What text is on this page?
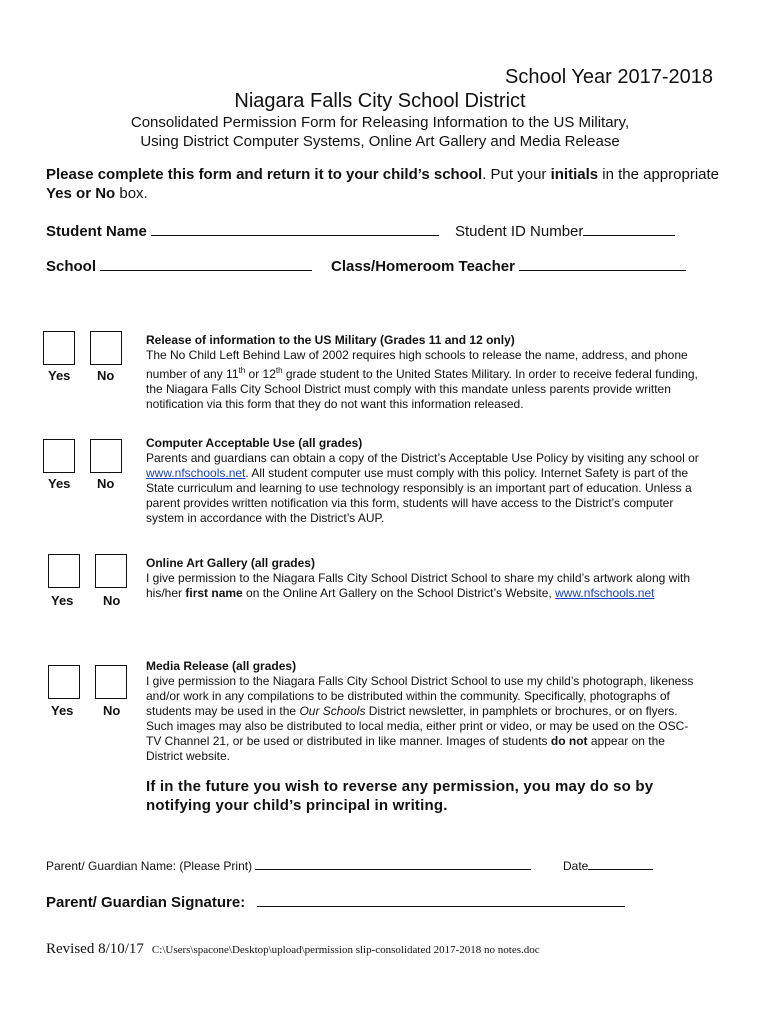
School Year 2017-2018
Niagara Falls City School District
Consolidated Permission Form for Releasing Information to the US Military,
Using District Computer Systems, Online Art Gallery and Media Release
Please complete this form and return it to your child’s school. Put your initials in the appropriate Yes or No box.
Student Name	Student ID Number
School	Class/Homeroom Teacher
Yes No
Release of information to the US Military (Grades 11 and 12 only)
The No Child Left Behind Law of 2002 requires high schools to release the name, address, and phone number of any 11th or 12th grade student to the United States Military. In order to receive federal funding, the Niagara Falls City School District must comply with this mandate unless parents provide written notification via this form that they do not want this information released.
Yes No
Computer Acceptable Use (all grades)
Parents and guardians can obtain a copy of the District’s Acceptable Use Policy by visiting any school or www.nfschools.net. All student computer use must comply with this policy. Internet Safety is part of the State curriculum and learning to use technology responsibly is an important part of education. Unless a parent provides written notification via this form, students will have access to the District’s computer system in accordance with the District’s AUP.
Yes No
Online Art Gallery (all grades)
I give permission to the Niagara Falls City School District School to share my child’s artwork along with his/her first name on the Online Art Gallery on the School District’s Website, www.nfschools.net
Yes No
Media Release (all grades)
I give permission to the Niagara Falls City School District School to use my child’s photograph, likeness and/or work in any compilations to be distributed within the community. Specifically, photographs of students may be used in the Our Schools District newsletter, in pamphlets or brochures, or on flyers. Such images may also be distributed to local media, either print or video, or may be used on the OSC-TV Channel 21, or be used or distributed in like manner. Images of students do not appear on the District website.
If in the future you wish to reverse any permission, you may do so by notifying your child’s principal in writing.
Parent/ Guardian Name: (Please Print)	Date
Parent/ Guardian Signature:
Revised 8/10/17 C:\Users\spacone\Desktop\upload\permission slip-consolidated 2017-2018 no notes.doc
